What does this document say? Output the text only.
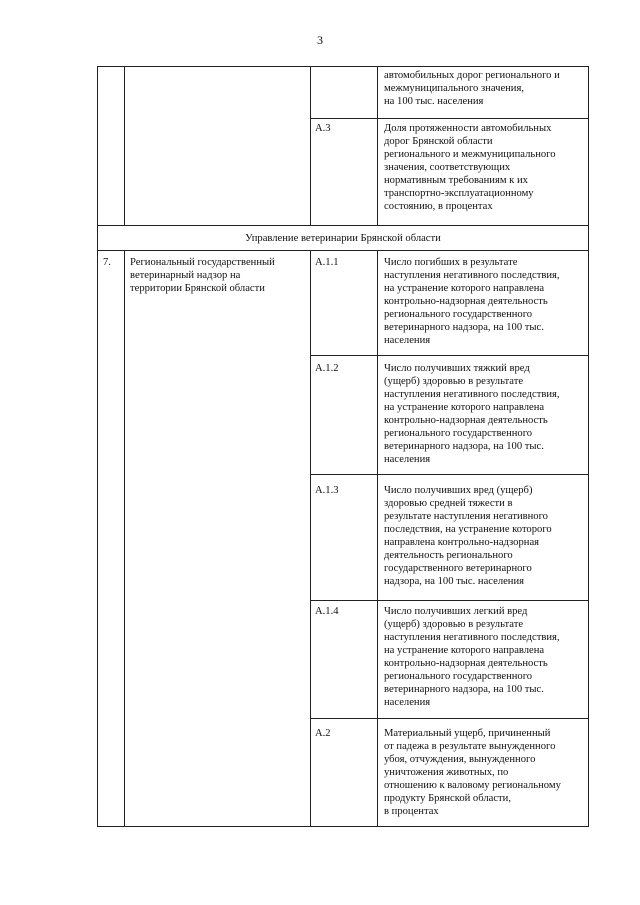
3
автомобильных дорог регионального и
межмуниципального значения,
на 100 тыс. населения
А.3	Доля протяженности автомобильных
дорог Брянской области
регионального и межмуниципального
значения, соответствующих
нормативным требованиям к их
транспортно-эксплуатационному
состоянию, в процентах
Управление ветеринарии Брянской области
7. Региональный государственный
ветеринарный надзор на
территории Брянской области
А.1.1	Число погибших в результате
наступления негативного последствия,
на устранение которого направлена
контрольно-надзорная деятельность
регионального государственного
ветеринарного надзора, на 100 тыс.
населения
А.1.2	Число получивших тяжкий вред
(ущерб) здоровью в результате
наступления негативного последствия,
на устранение которого направлена
контрольно-надзорная деятельность
регионального государственного
ветеринарного надзора, на 100 тыс.
населения
А.1.3	Число получивших вред (ущерб)
здоровью средней тяжести в
результате наступления негативного
последствия, на устранение которого
направлена контрольно-надзорная
деятельность регионального
государственного ветеринарного
надзора, на 100 тыс. населения
А.1.4	Число получивших легкий вред
(ущерб) здоровью в результате
наступления негативного последствия,
на устранение которого направлена
контрольно-надзорная деятельность
регионального государственного
ветеринарного надзора, на 100 тыс.
населения
А.2	Материальный ущерб, причиненный
от падежа в результате вынужденного
убоя, отчуждения, вынужденного
уничтожения животных, по
отношению к валовому региональному
продукту Брянской области,
в процентах
